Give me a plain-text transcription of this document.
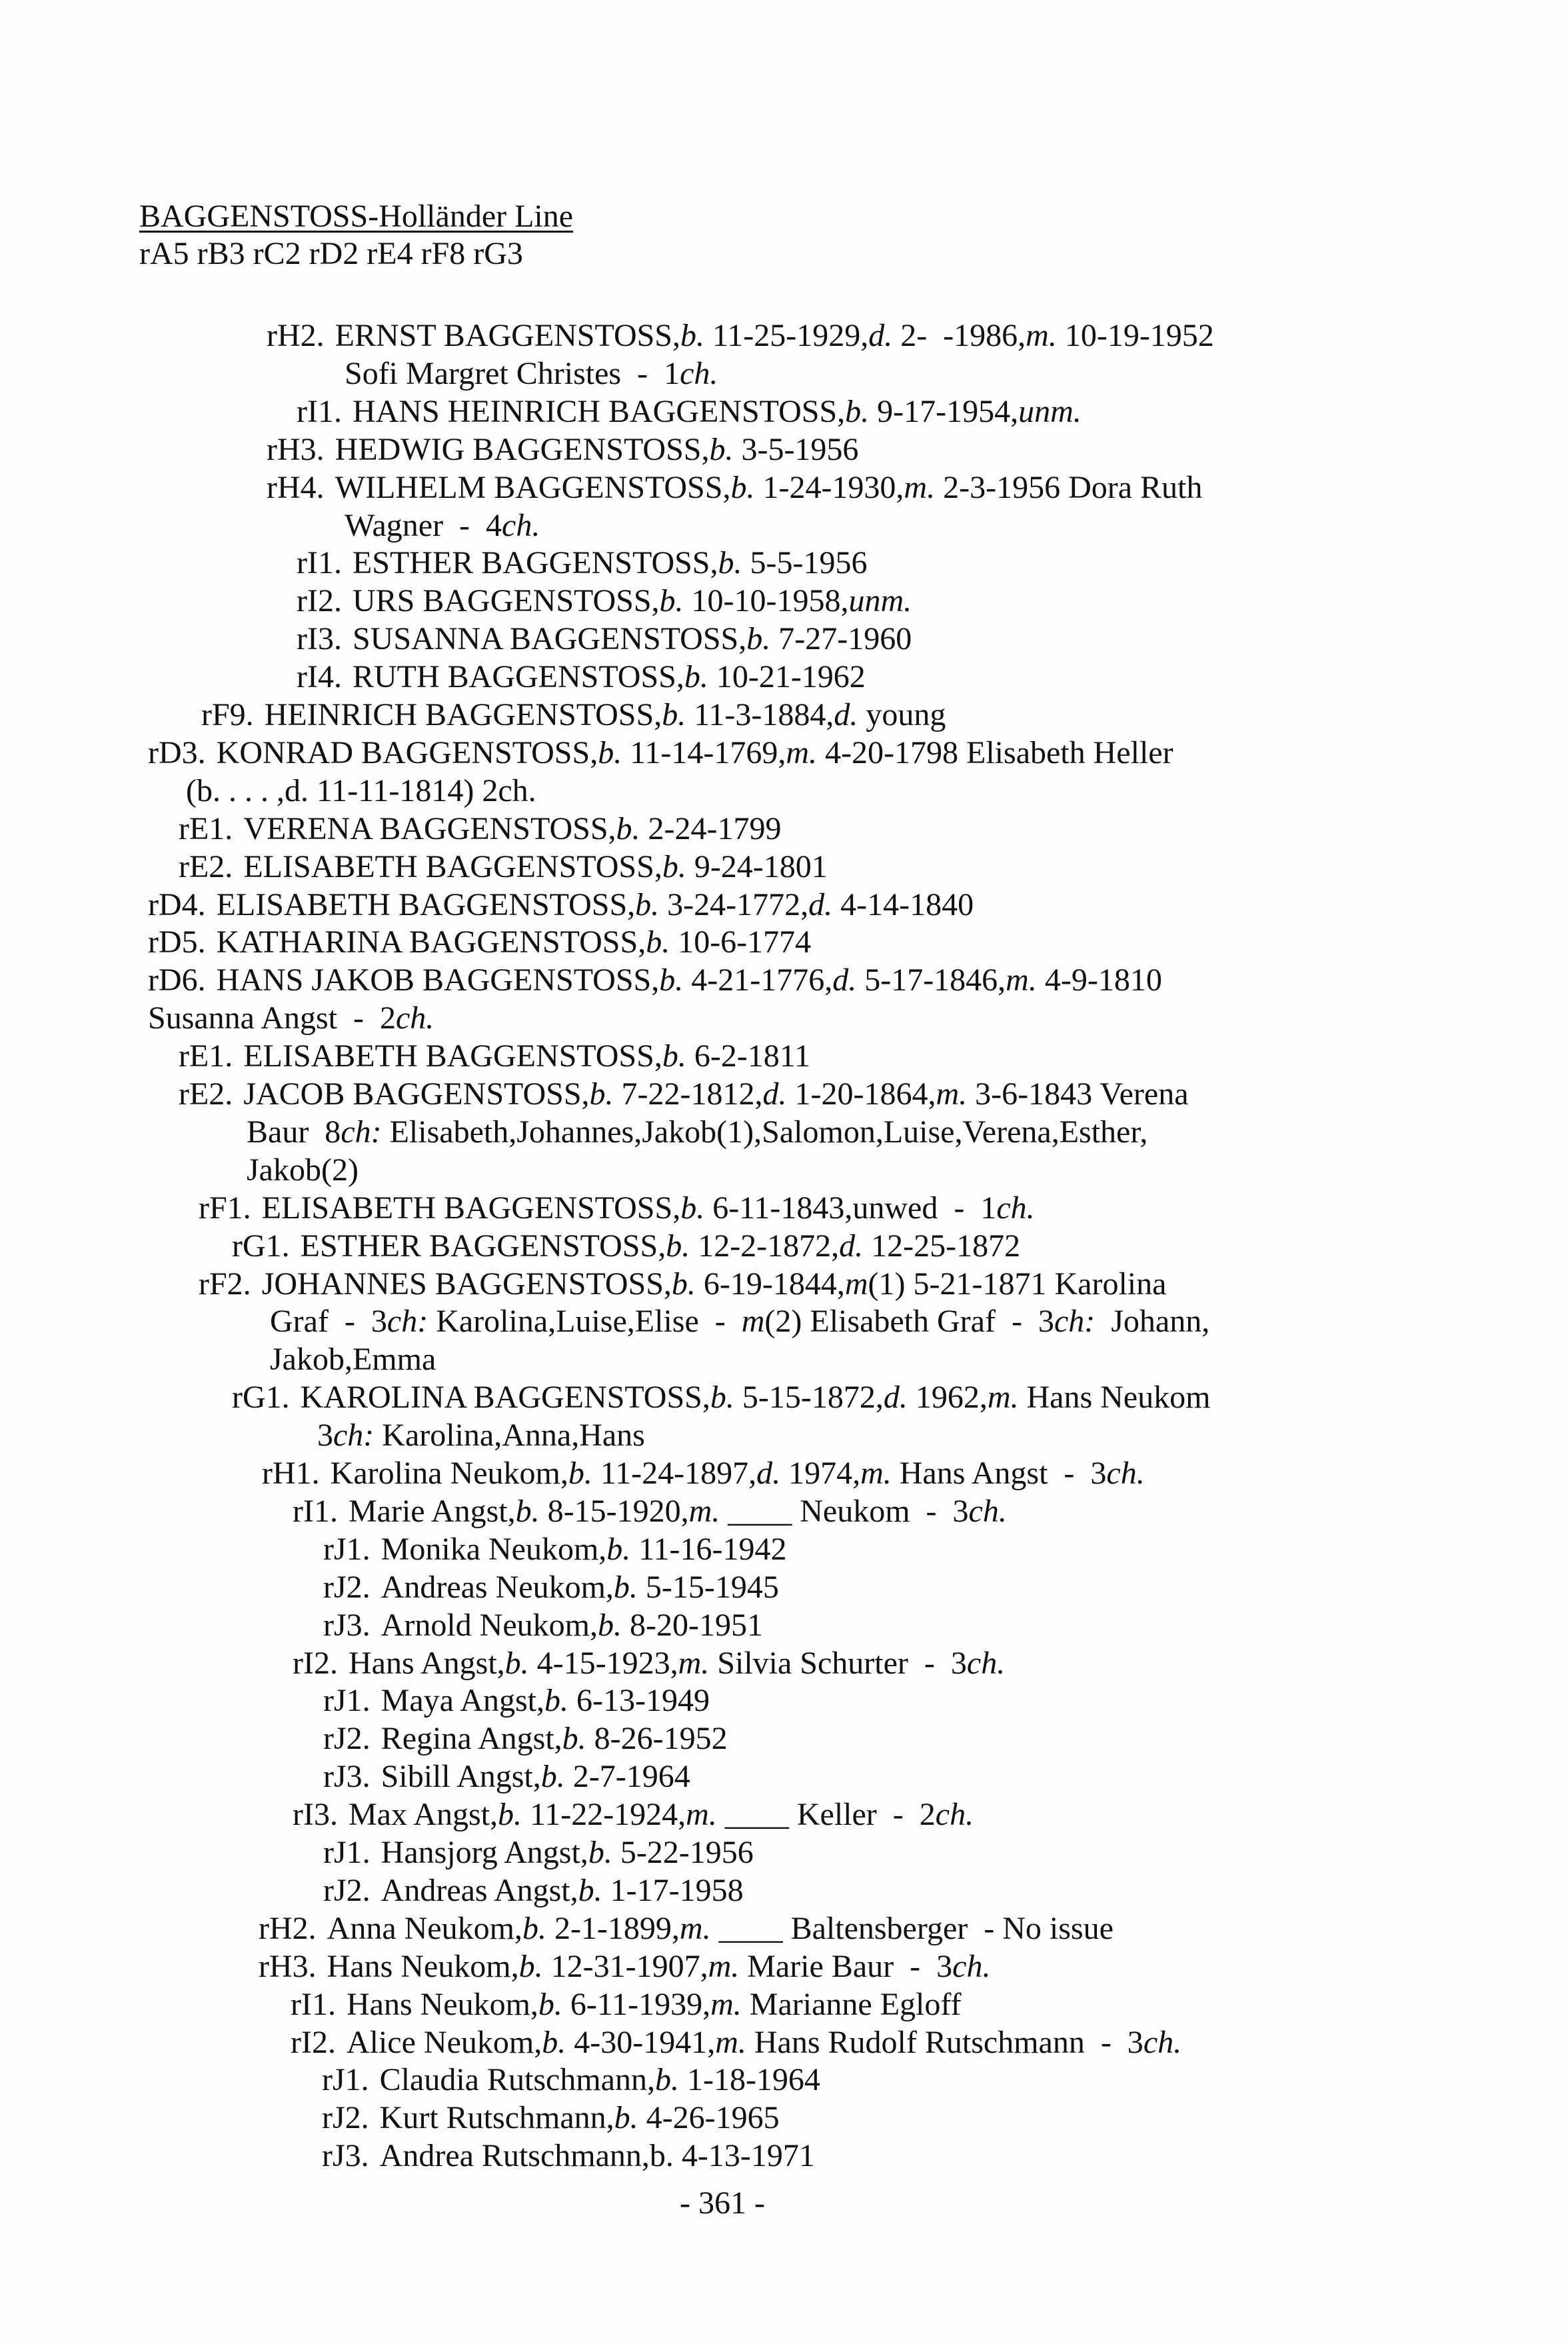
BAGGENSTOSS-Holländer Line
rA5 rB3 rC2 rD2 rE4 rF8 rG3
rH2. ERNST BAGGENSTOSS,b. 11-25-1929,d. 2-  -1986,m. 10-19-1952
Sofi Margret Christes  -  1ch.
rI1. HANS HEINRICH BAGGENSTOSS,b. 9-17-1954,unm.
rH3. HEDWIG BAGGENSTOSS,b. 3-5-1956
rH4. WILHELM BAGGENSTOSS,b. 1-24-1930,m. 2-3-1956 Dora Ruth
Wagner  -  4ch.
rI1. ESTHER BAGGENSTOSS,b. 5-5-1956
rI2. URS BAGGENSTOSS,b. 10-10-1958,unm.
rI3. SUSANNA BAGGENSTOSS,b. 7-27-1960
rI4. RUTH BAGGENSTOSS,b. 10-21-1962
rF9. HEINRICH BAGGENSTOSS,b. 11-3-1884,d. young
rD3. KONRAD BAGGENSTOSS,b. 11-14-1769,m. 4-20-1798 Elisabeth Heller
(b. . . . ,d. 11-11-1814) 2ch.
rE1. VERENA BAGGENSTOSS,b. 2-24-1799
rE2. ELISABETH BAGGENSTOSS,b. 9-24-1801
rD4. ELISABETH BAGGENSTOSS,b. 3-24-1772,d. 4-14-1840
rD5. KATHARINA BAGGENSTOSS,b. 10-6-1774
rD6. HANS JAKOB BAGGENSTOSS,b. 4-21-1776,d. 5-17-1846,m. 4-9-1810
Susanna Angst  -  2ch.
rE1. ELISABETH BAGGENSTOSS,b. 6-2-1811
rE2. JACOB BAGGENSTOSS,b. 7-22-1812,d. 1-20-1864,m. 3-6-1843 Verena
Baur  8ch: Elisabeth,Johannes,Jakob(1),Salomon,Luise,Verena,Esther,
Jakob(2)
rF1. ELISABETH BAGGENSTOSS,b. 6-11-1843,unwed  -  1ch.
rG1. ESTHER BAGGENSTOSS,b. 12-2-1872,d. 12-25-1872
rF2. JOHANNES BAGGENSTOSS,b. 6-19-1844,m(1) 5-21-1871 Karolina
Graf  -  3ch: Karolina,Luise,Elise  -  m(2) Elisabeth Graf  -  3ch:  Johann,
Jakob,Emma
rG1. KAROLINA BAGGENSTOSS,b. 5-15-1872,d. 1962,m. Hans Neukom
3ch: Karolina,Anna,Hans
rH1. Karolina Neukom,b. 11-24-1897,d. 1974,m. Hans Angst  -  3ch.
rI1. Marie Angst,b. 8-15-1920,m. ____ Neukom  -  3ch.
rJ1. Monika Neukom,b. 11-16-1942
rJ2. Andreas Neukom,b. 5-15-1945
rJ3. Arnold Neukom,b. 8-20-1951
rI2. Hans Angst,b. 4-15-1923,m. Silvia Schurter  -  3ch.
rJ1. Maya Angst,b. 6-13-1949
rJ2. Regina Angst,b. 8-26-1952
rJ3. Sibill Angst,b. 2-7-1964
rI3. Max Angst,b. 11-22-1924,m. ____ Keller  -  2ch.
rJ1. Hansjorg Angst,b. 5-22-1956
rJ2. Andreas Angst,b. 1-17-1958
rH2. Anna Neukom,b. 2-1-1899,m. ____ Baltensberger  - No issue
rH3. Hans Neukom,b. 12-31-1907,m. Marie Baur  -  3ch.
rI1. Hans Neukom,b. 6-11-1939,m. Marianne Egloff
rI2. Alice Neukom,b. 4-30-1941,m. Hans Rudolf Rutschmann  -  3ch.
rJ1. Claudia Rutschmann,b. 1-18-1964
rJ2. Kurt Rutschmann,b. 4-26-1965
rJ3. Andrea Rutschmann,b. 4-13-1971
- 361 -
